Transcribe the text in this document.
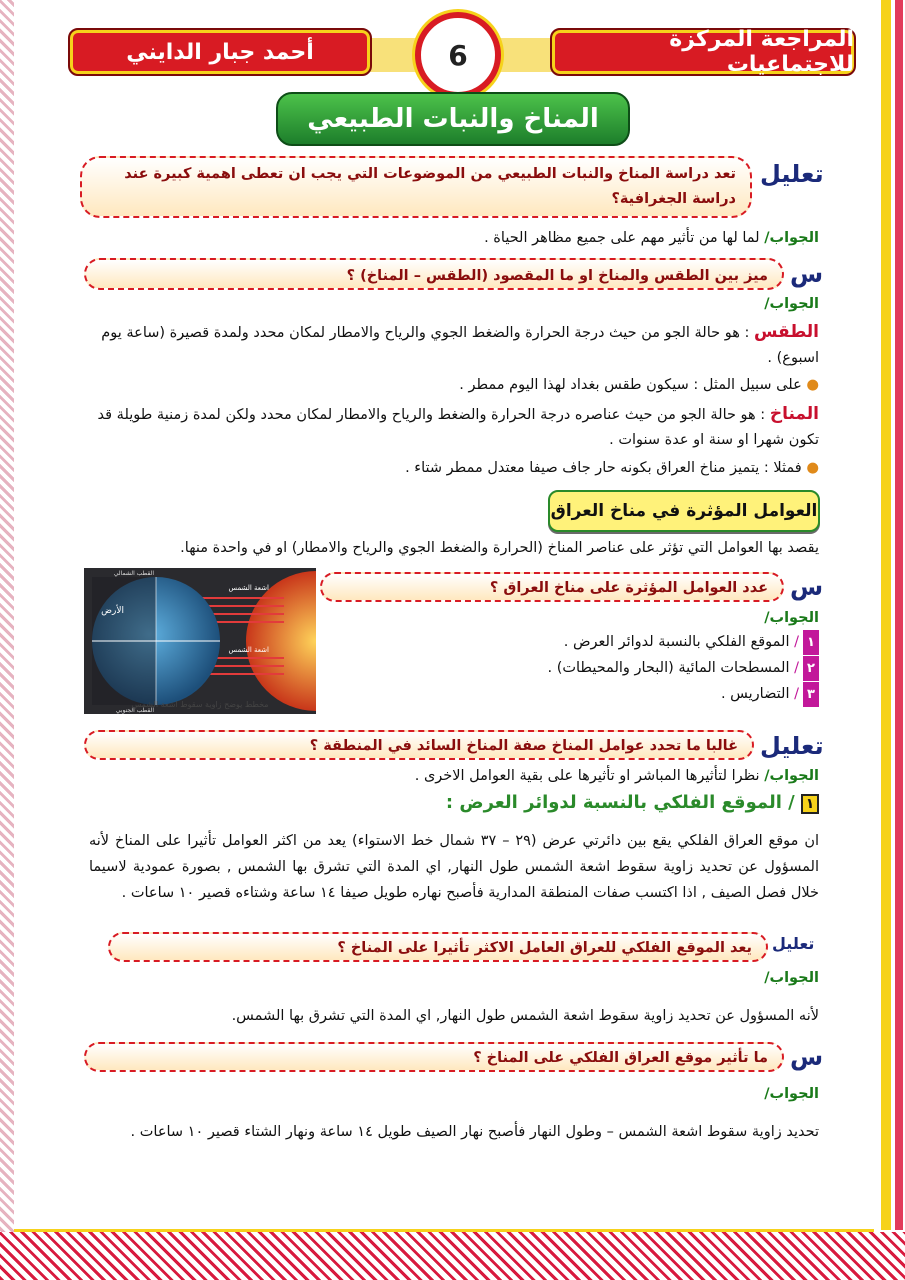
المراجعة المركزة للاجتماعيات
أحمد جبار الدايني	6
المناخ والنبات الطبيعي
تعليل
تعد دراسة المناخ والنبات الطبيعي من الموضوعات التي يجب ان تعطى اهمية كبيرة عند دراسة الجغرافية؟
الجواب/ لما لها من تأثير مهم على جميع مظاهر الحياة .
س
ميز بين الطقس والمناخ او ما المقصود (الطقس – المناخ) ؟
الجواب/
الطقس : هو حالة الجو من حيث درجة الحرارة والضغط الجوي والرياح والامطار لمكان محدد ولمدة قصيرة (ساعة يوم اسبوع) .
● على سبيل المثل : سيكون طقس بغداد لهذا اليوم ممطر .
المناخ : هو حالة الجو من حيث عناصره درجة الحرارة والضغط والرياح والامطار لمكان محدد ولكن لمدة زمنية طويلة قد تكون شهرا او سنة او عدة سنوات .
● فمثلا : يتميز مناخ العراق بكونه حار جاف صيفا معتدل ممطر شتاء .
العوامل المؤثرة في مناخ العراق
يقصد بها العوامل التي تؤثر على عناصر المناخ (الحرارة والضغط الجوي والرياح والامطار) او في واحدة منها.
الأرض
اشعة الشمس
اشعة الشمس
القطب الشمالي
القطب الجنوبي
مخطط يوضح زاوية سقوط اشعة الشمس
س
عدد العوامل المؤثرة على مناخ العراق ؟
الجواب/
١/ الموقع الفلكي بالنسبة لدوائر العرض .
٢/ المسطحات المائية (البحار والمحيطات) .
٣/ التضاريس .
تعليل
غالبا ما تحدد عوامل المناخ صفة المناخ السائد في المنطقة ؟
الجواب/ نظرا لتأثيرها المباشر او تأثيرها على بقية العوامل الاخرى .
١ / الموقع الفلكي بالنسبة لدوائر العرض :
ان موقع العراق الفلكي يقع بين دائرتي عرض (٢٩ – ٣٧ شمال خط الاستواء) يعد من اكثر العوامل تأثيرا على المناخ لأنه المسؤول عن تحديد زاوية سقوط اشعة الشمس طول النهار, اي المدة التي تشرق بها الشمس , بصورة عمودية لاسيما خلال فصل الصيف , اذا اكتسب صفات المنطقة المدارية فأصبح نهاره طويل صيفا ١٤ ساعة وشتاءه قصير ١٠ ساعات .
تعليل
يعد الموقع الفلكي للعراق العامل الاكثر تأثيرا على المناخ ؟
الجواب/
لأنه المسؤول عن تحديد زاوية سقوط اشعة الشمس طول النهار, اي المدة التي تشرق بها الشمس.
س
ما تأثير موقع العراق الفلكي على المناخ ؟
الجواب/
تحديد زاوية سقوط اشعة الشمس – وطول النهار فأصبح نهار الصيف طويل ١٤ ساعة ونهار الشتاء قصير ١٠ ساعات .
